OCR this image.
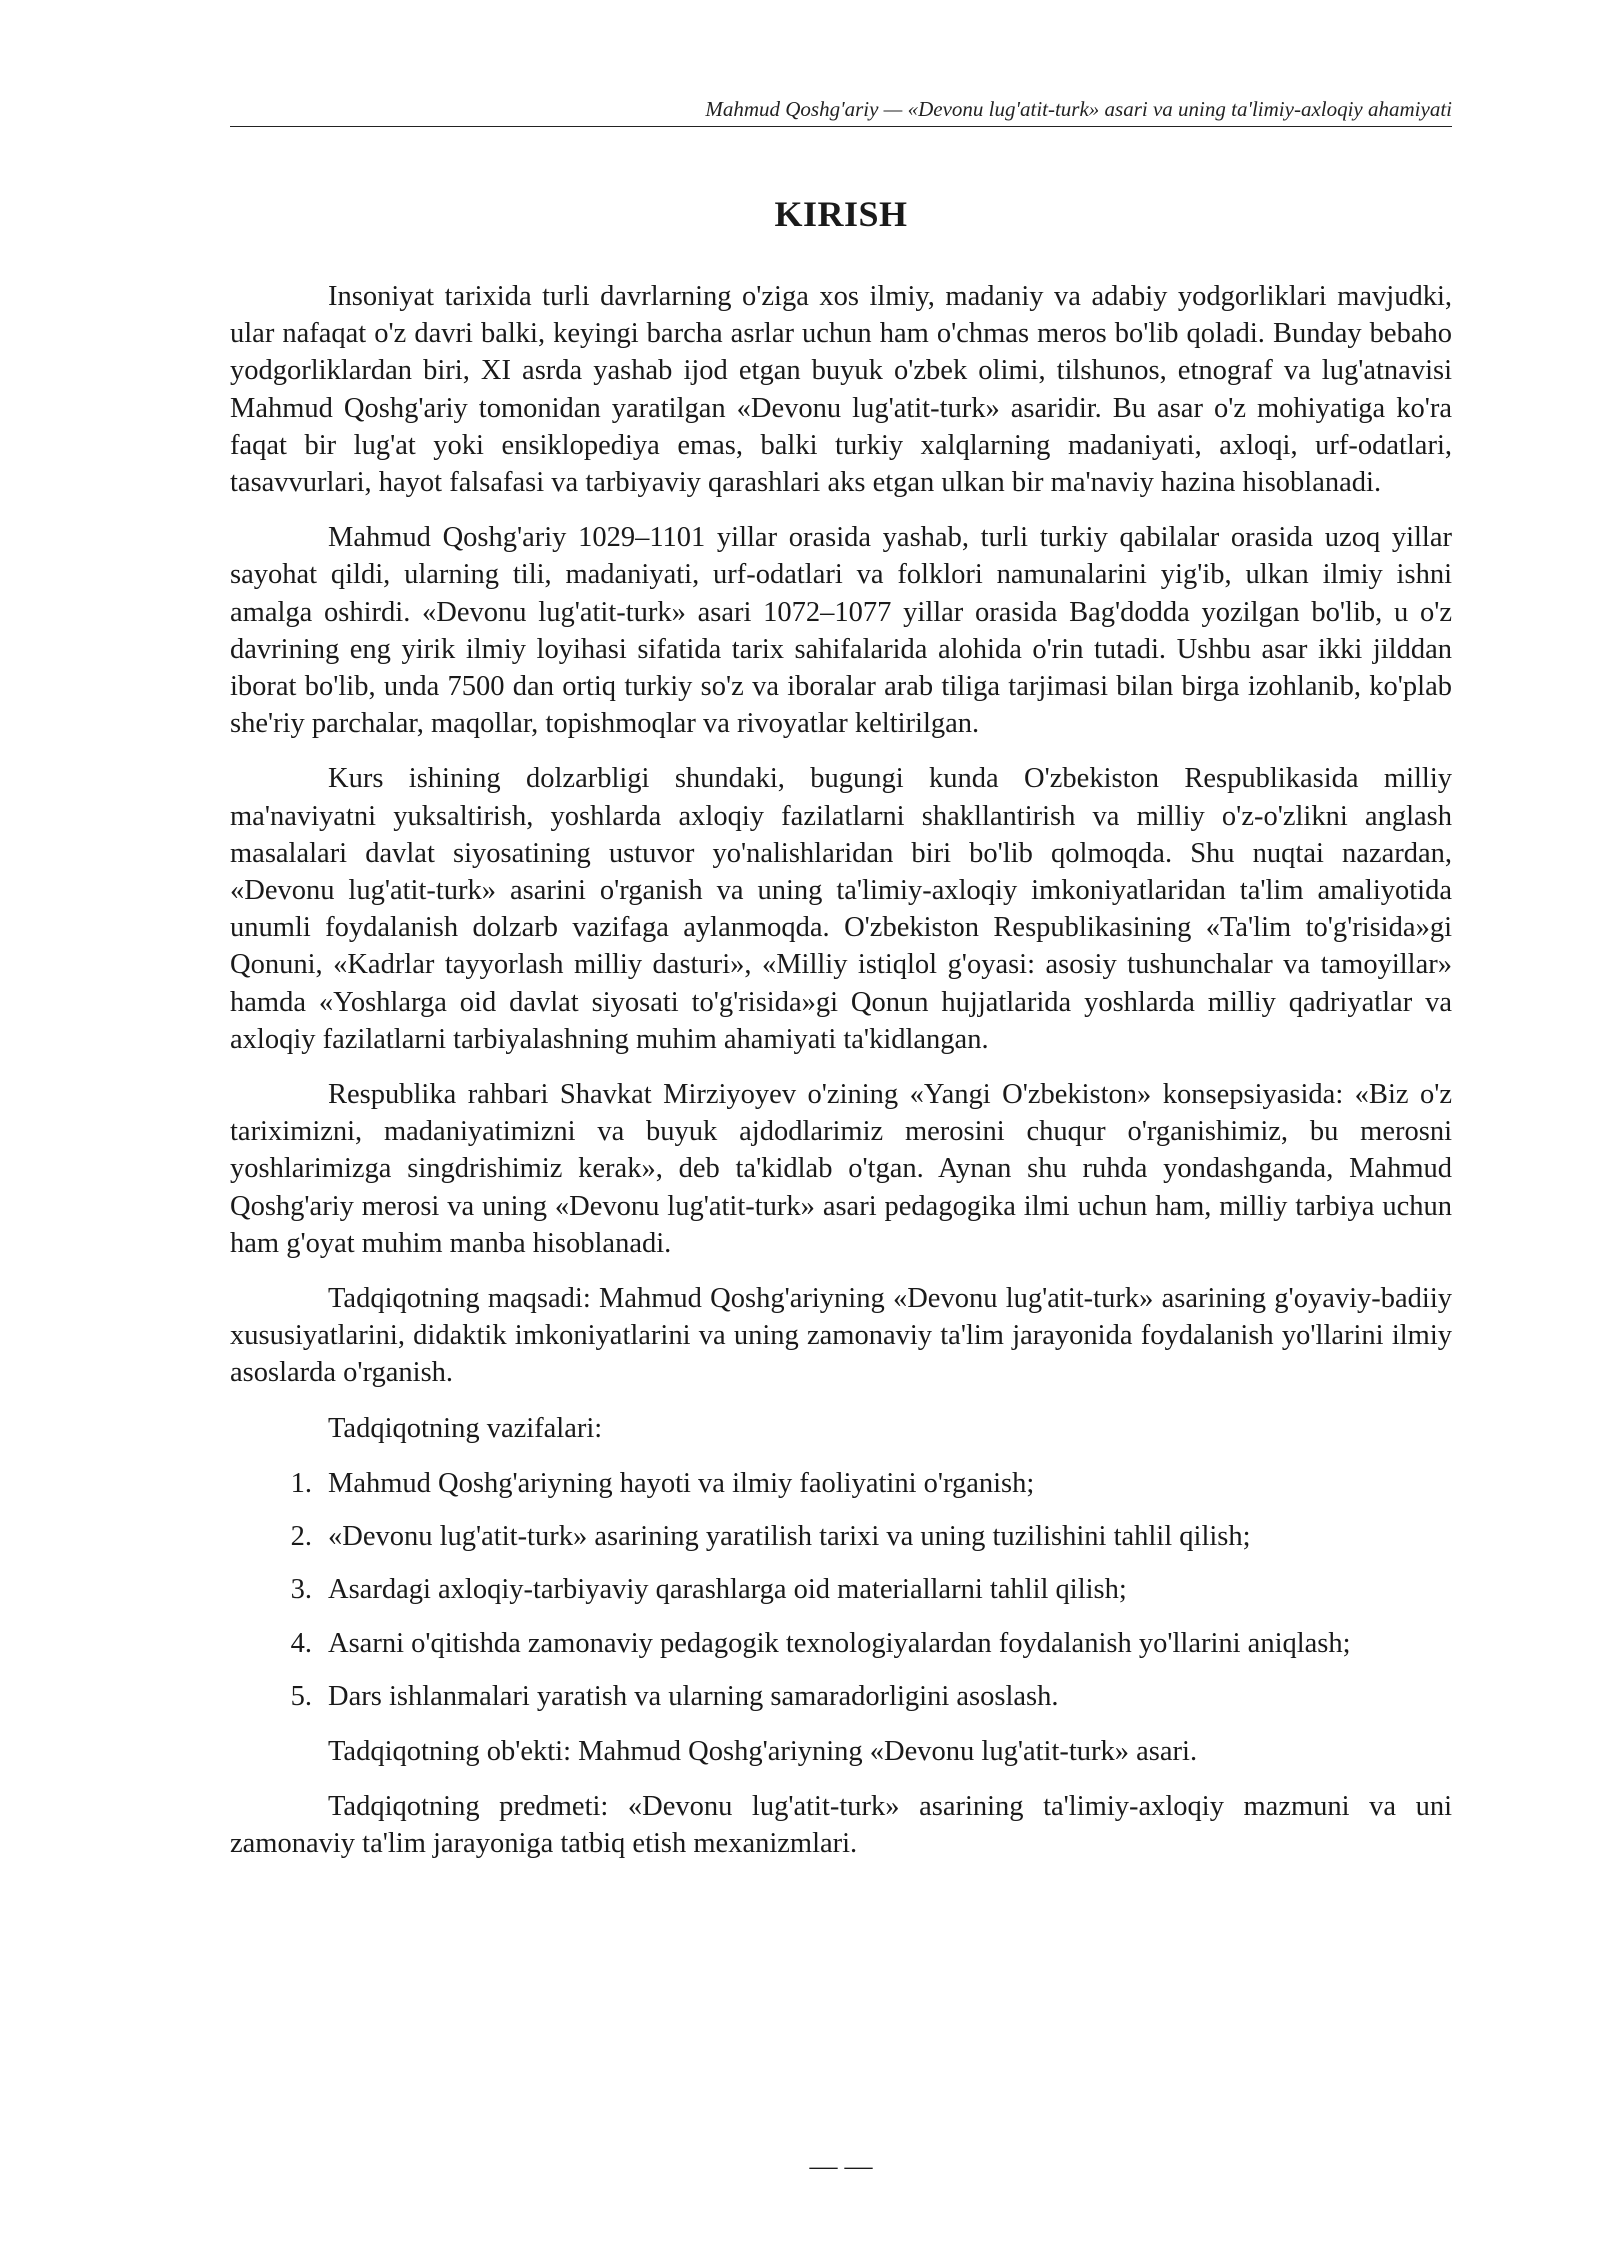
Mahmud Qoshg'ariy — «Devonu lug'atit-turk» asari va uning ta'limiy-axloqiy ahamiyati
KIRISH

Insoniyat tarixida turli davrlarning o'ziga xos ilmiy, madaniy va adabiy yodgorliklari mavjudki, ular nafaqat o'z davri balki, keyingi barcha asrlar uchun ham o'chmas meros bo'lib qoladi. Bunday bebaho yodgorliklardan biri, XI asrda yashab ijod etgan buyuk o'zbek olimi, tilshunos, etnograf va lug'atnavisi Mahmud Qoshg'ariy tomonidan yaratilgan «Devonu lug'atit-turk» asaridir. Bu asar o'z mohiyatiga ko'ra faqat bir lug'at yoki ensiklopediya emas, balki turkiy xalqlarning madaniyati, axloqi, urf-odatlari, tasavvurlari, hayot falsafasi va tarbiyaviy qarashlari aks etgan ulkan bir ma'naviy hazina hisoblanadi.

Mahmud Qoshg'ariy 1029–1101 yillar orasida yashab, turli turkiy qabilalar orasida uzoq yillar sayohat qildi, ularning tili, madaniyati, urf-odatlari va folklori namunalarini yig'ib, ulkan ilmiy ishni amalga oshirdi. «Devonu lug'atit-turk» asari 1072–1077 yillar orasida Bag'dodda yozilgan bo'lib, u o'z davrining eng yirik ilmiy loyihasi sifatida tarix sahifalarida alohida o'rin tutadi. Ushbu asar ikki jilddan iborat bo'lib, unda 7500 dan ortiq turkiy so'z va iboralar arab tiliga tarjimasi bilan birga izohlanib, ko'plab she'riy parchalar, maqollar, topishmoqlar va rivoyatlar keltirilgan.

Kurs ishining dolzarbligi shundaki, bugungi kunda O'zbekiston Respublikasida milliy ma'naviyatni yuksaltirish, yoshlarda axloqiy fazilatlarni shakllantirish va milliy o'z-o'zlikni anglash masalalari davlat siyosatining ustuvor yo'nalishlaridan biri bo'lib qolmoqda. Shu nuqtai nazardan, «Devonu lug'atit-turk» asarini o'rganish va uning ta'limiy-axloqiy imkoniyatlaridan ta'lim amaliyotida unumli foydalanish dolzarb vazifaga aylanmoqda. O'zbekiston Respublikasining «Ta'lim to'g'risida»gi Qonuni, «Kadrlar tayyorlash milliy dasturi», «Milliy istiqlol g'oyasi: asosiy tushunchalar va tamoyillar» hamda «Yoshlarga oid davlat siyosati to'g'risida»gi Qonun hujjatlarida yoshlarda milliy qadriyatlar va axloqiy fazilatlarni tarbiyalashning muhim ahamiyati ta'kidlangan.

Respublika rahbari Shavkat Mirziyoyev o'zining «Yangi O'zbekiston» konsepsiyasida: «Biz o'z tariximizni, madaniyatimizni va buyuk ajdodlarimiz merosini chuqur o'rganishimiz, bu merosni yoshlarimizga singdrishimiz kerak», deb ta'kidlab o'tgan. Aynan shu ruhda yondashganda, Mahmud Qoshg'ariy merosi va uning «Devonu lug'atit-turk» asari pedagogika ilmi uchun ham, milliy tarbiya uchun ham g'oyat muhim manba hisoblanadi.

Tadqiqotning maqsadi: Mahmud Qoshg'ariyning «Devonu lug'atit-turk» asarining g'oyaviy-badiiy xususiyatlarini, didaktik imkoniyatlarini va uning zamonaviy ta'lim jarayonida foydalanish yo'llarini ilmiy asoslarda o'rganish.

Tadqiqotning vazifalari:

1. Mahmud Qoshg'ariyning hayoti va ilmiy faoliyatini o'rganish;
2. «Devonu lug'atit-turk» asarining yaratilish tarixi va uning tuzilishini tahlil qilish;
3. Asardagi axloqiy-tarbiyaviy qarashlarga oid materiallarni tahlil qilish;
4. Asarni o'qitishda zamonaviy pedagogik texnologiyalardan foydalanish yo'llarini aniqlash;
5. Dars ishlanmalari yaratish va ularning samaradorligini asoslash.

Tadqiqotning ob'ekti: Mahmud Qoshg'ariyning «Devonu lug'atit-turk» asari.

Tadqiqotning predmeti: «Devonu lug'atit-turk» asarining ta'limiy-axloqiy mazmuni va uni zamonaviy ta'lim jarayoniga tatbiq etish mexanizmlari.

— —
